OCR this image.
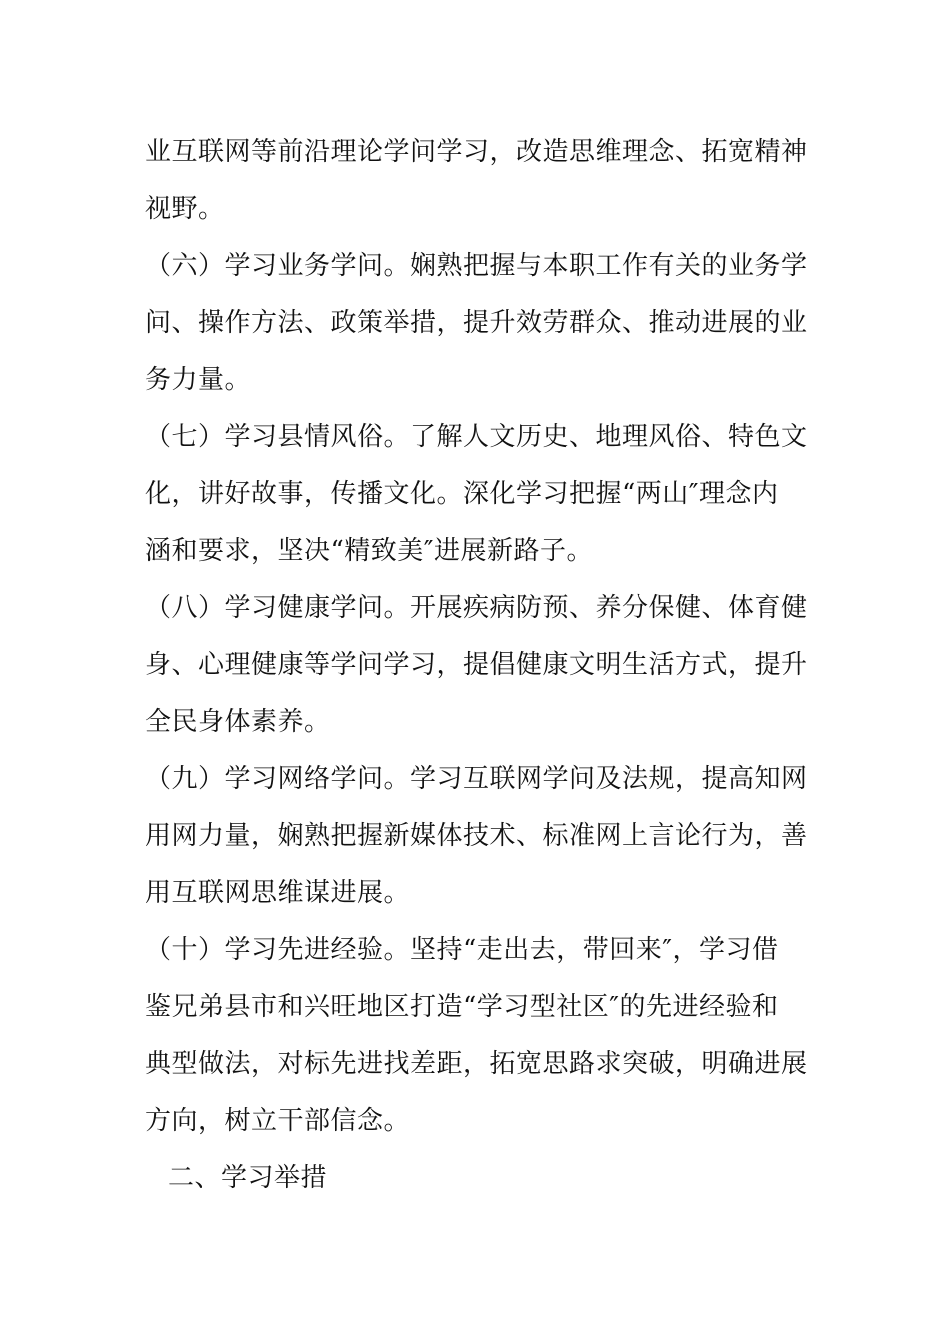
业互联网等前沿理论学问学习，改造思维理念、拓宽精神
视野。
（六）学习业务学问。娴熟把握与本职工作有关的业务学
问、操作方法、政策举措，提升效劳群众、推动进展的业
务力量。
（七）学习县情风俗。了解人文历史、地理风俗、特色文
化，讲好故事，传播文化。深化学习把握“两山″理念内
涵和要求，坚决“精致美″进展新路子。
（八）学习健康学问。开展疾病防预、养分保健、体育健
身、心理健康等学问学习，提倡健康文明生活方式，提升
全民身体素养。
（九）学习网络学问。学习互联网学问及法规，提高知网
用网力量，娴熟把握新媒体技术、标准网上言论行为，善
用互联网思维谋进展。
（十）学习先进经验。坚持“走出去，带回来″，学习借
鉴兄弟县市和兴旺地区打造“学习型社区″的先进经验和
典型做法，对标先进找差距，拓宽思路求突破，明确进展
方向，树立干部信念。
二、学习举措
